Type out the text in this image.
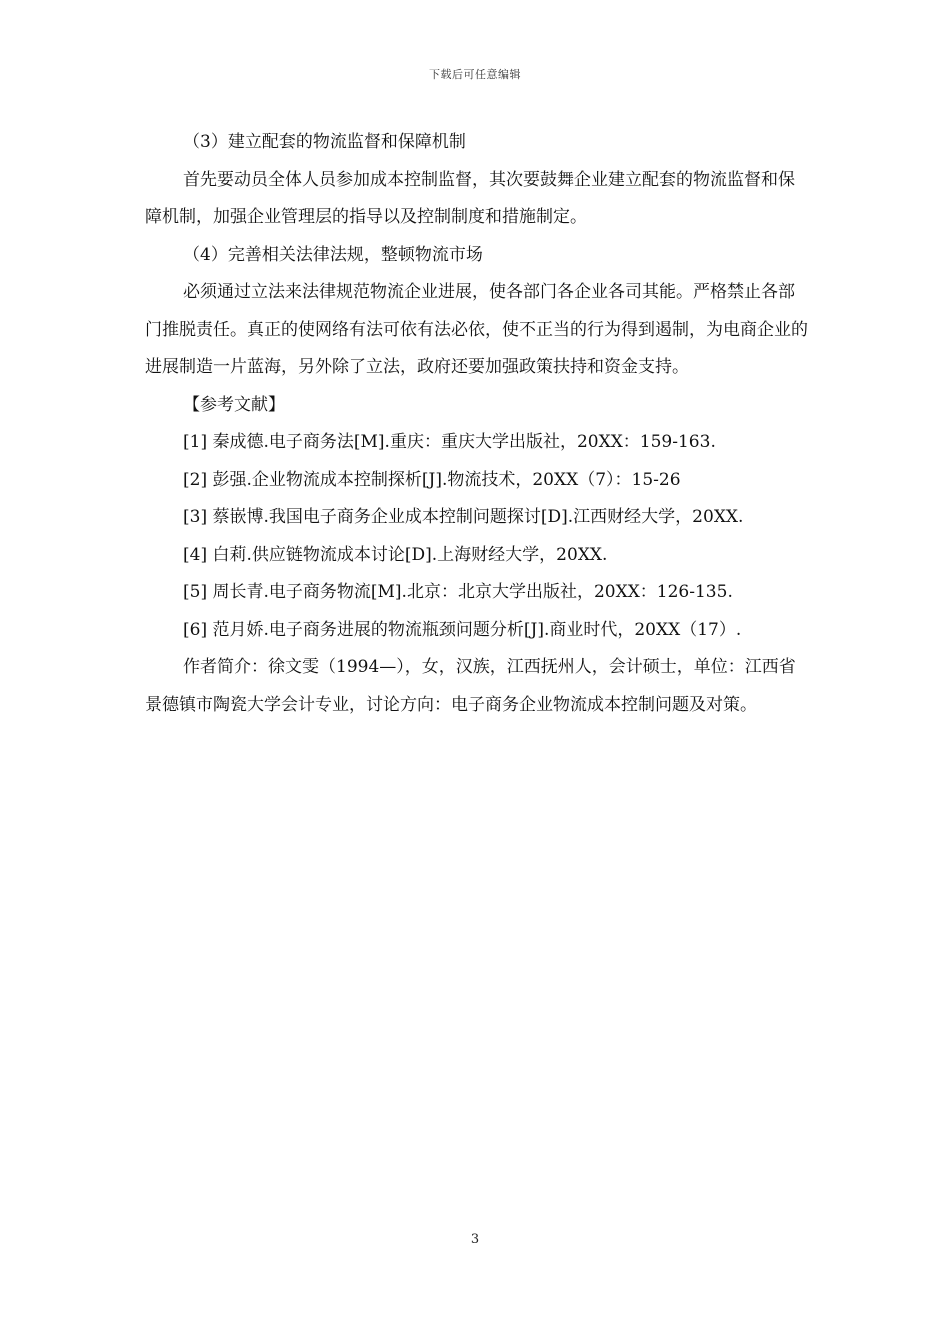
下载后可任意编辑

（3）建立配套的物流监督和保障机制

首先要动员全体人员参加成本控制监督，其次要鼓舞企业建立配套的物流监督和保障机制，加强企业管理层的指导以及控制制度和措施制定。

（4）完善相关法律法规，整顿物流市场

必须通过立法来法律规范物流企业进展，使各部门各企业各司其能。严格禁止各部门推脱责任。真正的使网络有法可依有法必依，使不正当的行为得到遏制，为电商企业的进展制造一片蓝海，另外除了立法，政府还要加强政策扶持和资金支持。

【参考文献】

[1] 秦成德.电子商务法[M].重庆：重庆大学出版社，20XX：159-163.

[2] 彭强.企业物流成本控制探析[J].物流技术，20XX（7）：15-26

[3] 蔡嵌博.我国电子商务企业成本控制问题探讨[D].江西财经大学，20XX.

[4] 白莉.供应链物流成本讨论[D].上海财经大学，20XX.

[5] 周长青.电子商务物流[M].北京：北京大学出版社，20XX：126-135.

[6] 范月娇.电子商务进展的物流瓶颈问题分析[J].商业时代，20XX（17）.

作者简介：徐文雯（1994—），女，汉族，江西抚州人，会计硕士，单位：江西省景德镇市陶瓷大学会计专业，讨论方向：电子商务企业物流成本控制问题及对策。

3
